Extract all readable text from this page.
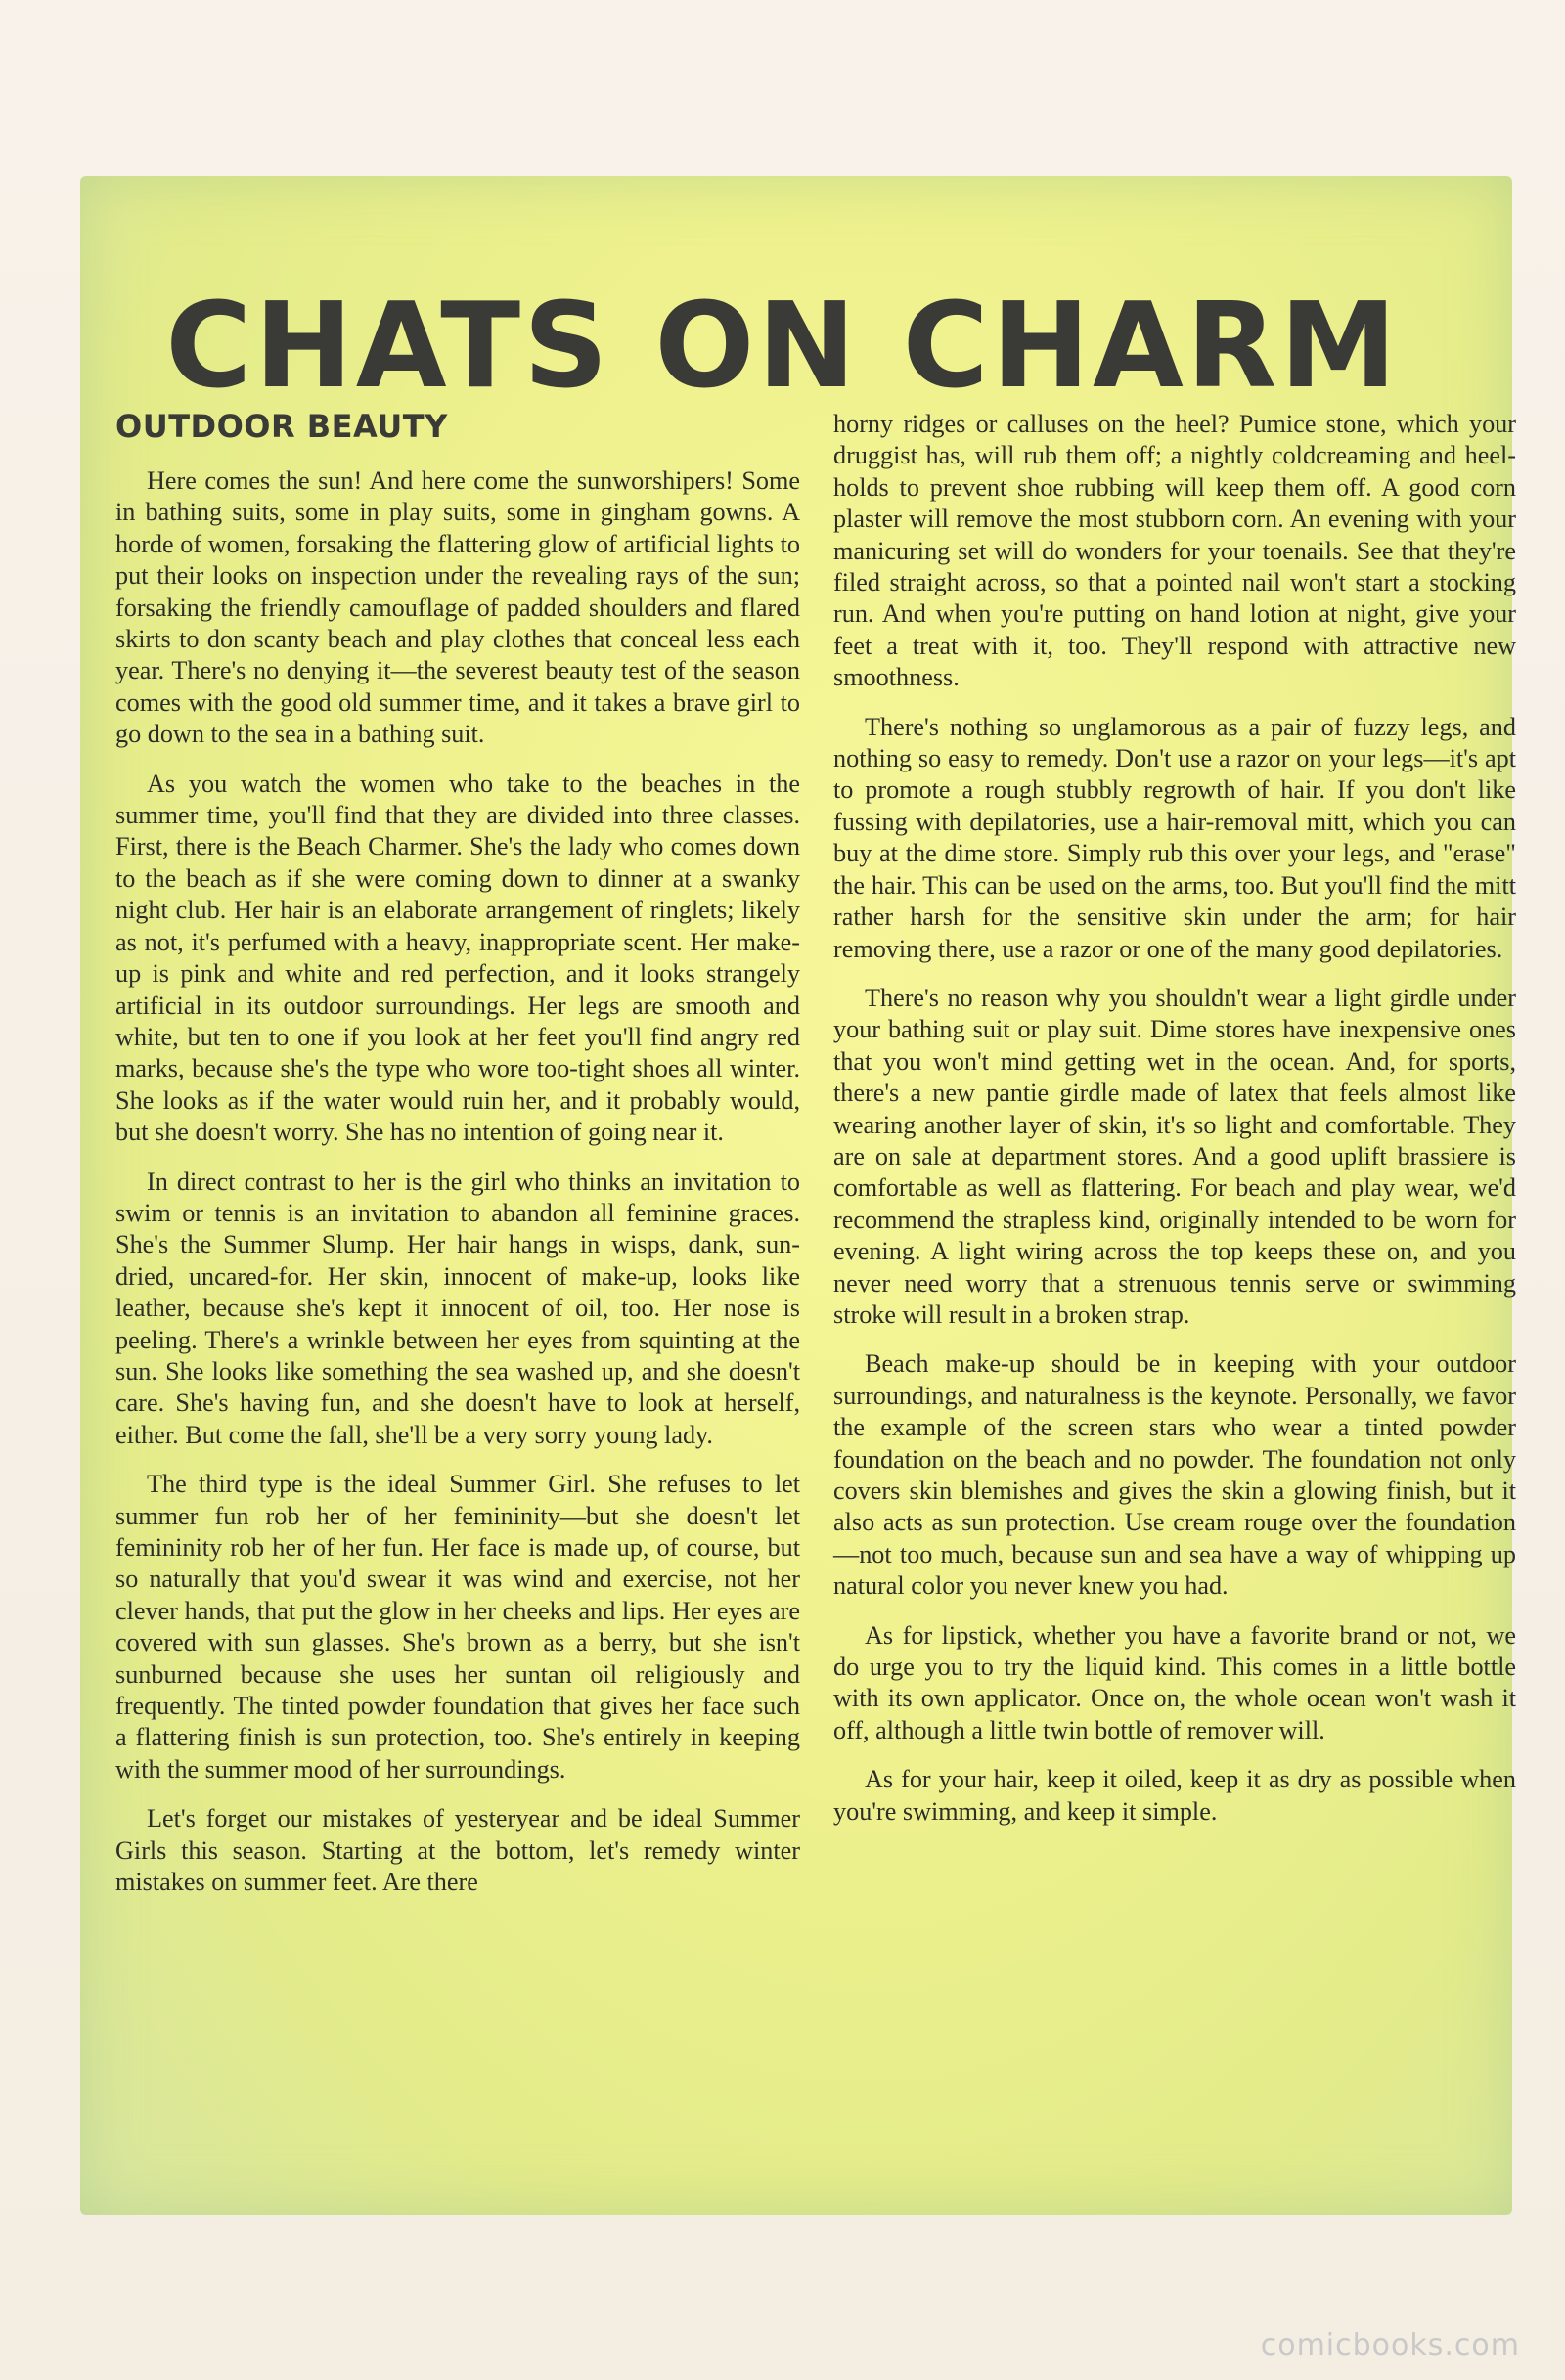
CHATS ON CHARM
OUTDOOR BEAUTY

Here comes the sun! And here come the sunworshipers! Some in bathing suits, some in play suits, some in gingham gowns. A horde of women, forsaking the flattering glow of artificial lights to put their looks on inspection under the revealing rays of the sun; forsaking the friendly camouflage of padded shoulders and flared skirts to don scanty beach and play clothes that conceal less each year. There's no denying it—the severest beauty test of the season comes with the good old summer time, and it takes a brave girl to go down to the sea in a bathing suit.

As you watch the women who take to the beaches in the summer time, you'll find that they are divided into three classes. First, there is the Beach Charmer. She's the lady who comes down to the beach as if she were coming down to dinner at a swanky night club. Her hair is an elaborate arrangement of ringlets; likely as not, it's perfumed with a heavy, inappropriate scent. Her make-up is pink and white and red perfection, and it looks strangely artificial in its outdoor surroundings. Her legs are smooth and white, but ten to one if you look at her feet you'll find angry red marks, because she's the type who wore too-tight shoes all winter. She looks as if the water would ruin her, and it probably would, but she doesn't worry. She has no intention of going near it.

In direct contrast to her is the girl who thinks an invitation to swim or tennis is an invitation to abandon all feminine graces. She's the Summer Slump. Her hair hangs in wisps, dank, sun-dried, uncared-for. Her skin, innocent of make-up, looks like leather, because she's kept it innocent of oil, too. Her nose is peeling. There's a wrinkle between her eyes from squinting at the sun. She looks like something the sea washed up, and she doesn't care. She's having fun, and she doesn't have to look at herself, either. But come the fall, she'll be a very sorry young lady.

The third type is the ideal Summer Girl. She refuses to let summer fun rob her of her femininity—but she doesn't let femininity rob her of her fun. Her face is made up, of course, but so naturally that you'd swear it was wind and exercise, not her clever hands, that put the glow in her cheeks and lips. Her eyes are covered with sun glasses. She's brown as a berry, but she isn't sunburned because she uses her suntan oil religiously and frequently. The tinted powder foundation that gives her face such a flattering finish is sun protection, too. She's entirely in keeping with the summer mood of her surroundings.

Let's forget our mistakes of yesteryear and be ideal Summer Girls this season. Starting at the bottom, let's remedy winter mistakes on summer feet. Are there

horny ridges or calluses on the heel? Pumice stone, which your druggist has, will rub them off; a nightly coldcreaming and heel-holds to prevent shoe rubbing will keep them off. A good corn plaster will remove the most stubborn corn. An evening with your manicuring set will do wonders for your toenails. See that they're filed straight across, so that a pointed nail won't start a stocking run. And when you're putting on hand lotion at night, give your feet a treat with it, too. They'll respond with attractive new smoothness.

There's nothing so unglamorous as a pair of fuzzy legs, and nothing so easy to remedy. Don't use a razor on your legs—it's apt to promote a rough stubbly regrowth of hair. If you don't like fussing with depilatories, use a hair-removal mitt, which you can buy at the dime store. Simply rub this over your legs, and "erase" the hair. This can be used on the arms, too. But you'll find the mitt rather harsh for the sensitive skin under the arm; for hair removing there, use a razor or one of the many good depilatories.

There's no reason why you shouldn't wear a light girdle under your bathing suit or play suit. Dime stores have inexpensive ones that you won't mind getting wet in the ocean. And, for sports, there's a new pantie girdle made of latex that feels almost like wearing another layer of skin, it's so light and comfortable. They are on sale at department stores. And a good uplift brassiere is comfortable as well as flattering. For beach and play wear, we'd recommend the strapless kind, originally intended to be worn for evening. A light wiring across the top keeps these on, and you never need worry that a strenuous tennis serve or swimming stroke will result in a broken strap.

Beach make-up should be in keeping with your outdoor surroundings, and naturalness is the keynote. Personally, we favor the example of the screen stars who wear a tinted powder foundation on the beach and no powder. The foundation not only covers skin blemishes and gives the skin a glowing finish, but it also acts as sun protection. Use cream rouge over the foundation—not too much, because sun and sea have a way of whipping up natural color you never knew you had.

As for lipstick, whether you have a favorite brand or not, we do urge you to try the liquid kind. This comes in a little bottle with its own applicator. Once on, the whole ocean won't wash it off, although a little twin bottle of remover will.

As for your hair, keep it oiled, keep it as dry as possible when you're swimming, and keep it simple.

comicbooks.com
